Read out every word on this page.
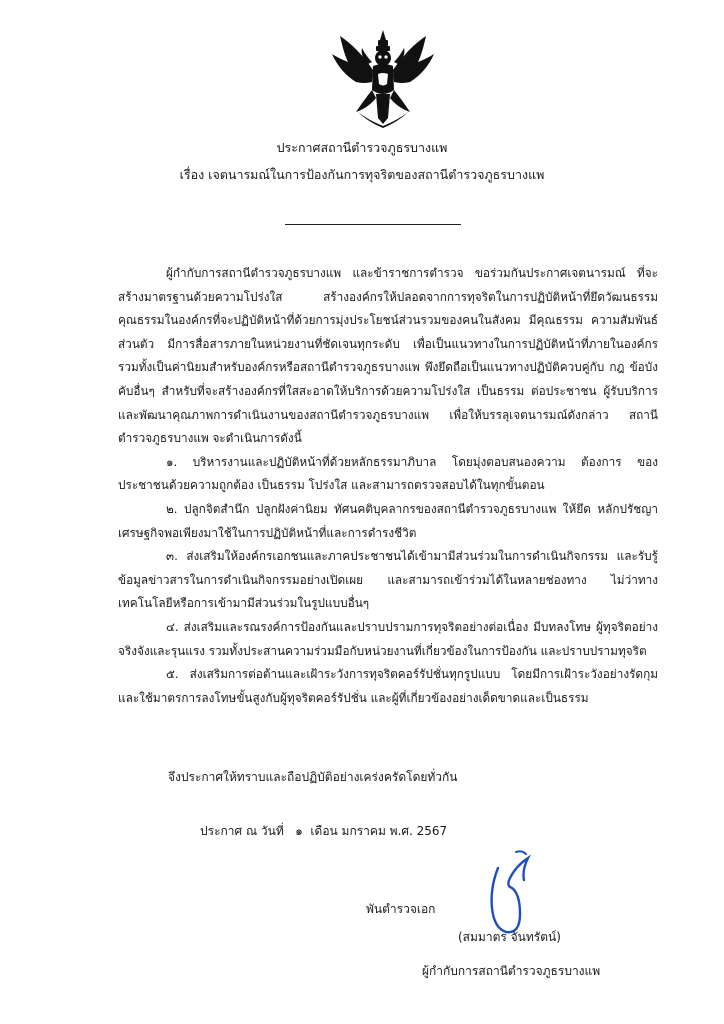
ประกาศสถานีตำรวจภูธรบางแพ
เรื่อง เจตนารมณ์ในการป้องกันการทุจริตของสถานีตำรวจภูธรบางแพ

ผู้กำกับการสถานีตำรวจภูธรบางแพ และข้าราชการตำรวจ ขอร่วมกันประกาศเจตนารมณ์ ที่จะสร้างมาตรฐานด้วยความโปร่งใส สร้างองค์กรให้ปลอดจากการทุจริตในการปฏิบัติหน้าที่ยึดวัฒนธรรมคุณธรรมในองค์กรที่จะปฏิบัติหน้าที่ด้วยการมุ่งประโยชน์ส่วนรวมของคนในสังคม มีคุณธรรม ความสัมพันธ์ ส่วนตัว มีการสื่อสารภายในหน่วยงานที่ชัดเจนทุกระดับ เพื่อเป็นแนวทางในการปฏิบัติหน้าที่ภายในองค์กร รวมทั้งเป็นค่านิยมสำหรับองค์กรหรือสถานีตำรวจภูธรบางแพ พึงยึดถือเป็นแนวทางปฏิบัติควบคู่กับ กฎ ข้อบังคับอื่นๆ สำหรับที่จะสร้างองค์กรที่ใสสะอาดให้บริการด้วยความโปร่งใส เป็นธรรม ต่อประชาชน ผู้รับบริการ และพัฒนาคุณภาพการดำเนินงานของสถานีตำรวจภูธรบางแพ เพื่อให้บรรลุเจตนารมณ์ดังกล่าว สถานีตำรวจภูธรบางแพ จะดำเนินการดังนี้

๑. บริหารงานและปฏิบัติหน้าที่ด้วยหลักธรรมาภิบาล โดยมุ่งตอบสนองความ ต้องการ ของประชาชนด้วยความถูกต้อง เป็นธรรม โปร่งใส และสามารถตรวจสอบได้ในทุกขั้นตอน

๒. ปลูกจิตสำนึก ปลูกฝังค่านิยม ทัศนคติบุคลากรของสถานีตำรวจภูธรบางแพ ให้ยึด หลักปรัชญาเศรษฐกิจพอเพียงมาใช้ในการปฏิบัติหน้าที่และการดำรงชีวิต

๓. ส่งเสริมให้องค์กรเอกชนและภาคประชาชนได้เข้ามามีส่วนร่วมในการดำเนินกิจกรรม และรับรู้ข้อมูลข่าวสารในการดำเนินกิจกรรมอย่างเปิดเผย และสามารถเข้าร่วมได้ในหลายช่องทาง ไม่ว่าทางเทคโนโลยีหรือการเข้ามามีส่วนร่วมในรูปแบบอื่นๆ

๔. ส่งเสริมและรณรงค์การป้องกันและปราบปรามการทุจริตอย่างต่อเนื่อง มีบทลงโทษ ผู้ทุจริตอย่างจริงจังและรุนแรง รวมทั้งประสานความร่วมมือกับหน่วยงานที่เกี่ยวข้องในการป้องกัน และปราบปรามทุจริต

๕. ส่งเสริมการต่อต้านและเฝ้าระวังการทุจริตคอร์รัปชั่นทุกรูปแบบ โดยมีการเฝ้าระวังอย่างรัดกุมและใช้มาตรการลงโทษขั้นสูงกับผู้ทุจริตคอร์รัปชั่น และผู้ที่เกี่ยวข้องอย่างเด็ดขาดและเป็นธรรม

จึงประกาศให้ทราบและถือปฏิบัติอย่างเคร่งครัดโดยทั่วกัน
ประกาศ ณ วันที่   ๑  เดือน มกราคม พ.ศ. 2567
พันตำรวจเอก
(สมมาตร จันทรัตน์)
ผู้กำกับการสถานีตำรวจภูธรบางแพ
